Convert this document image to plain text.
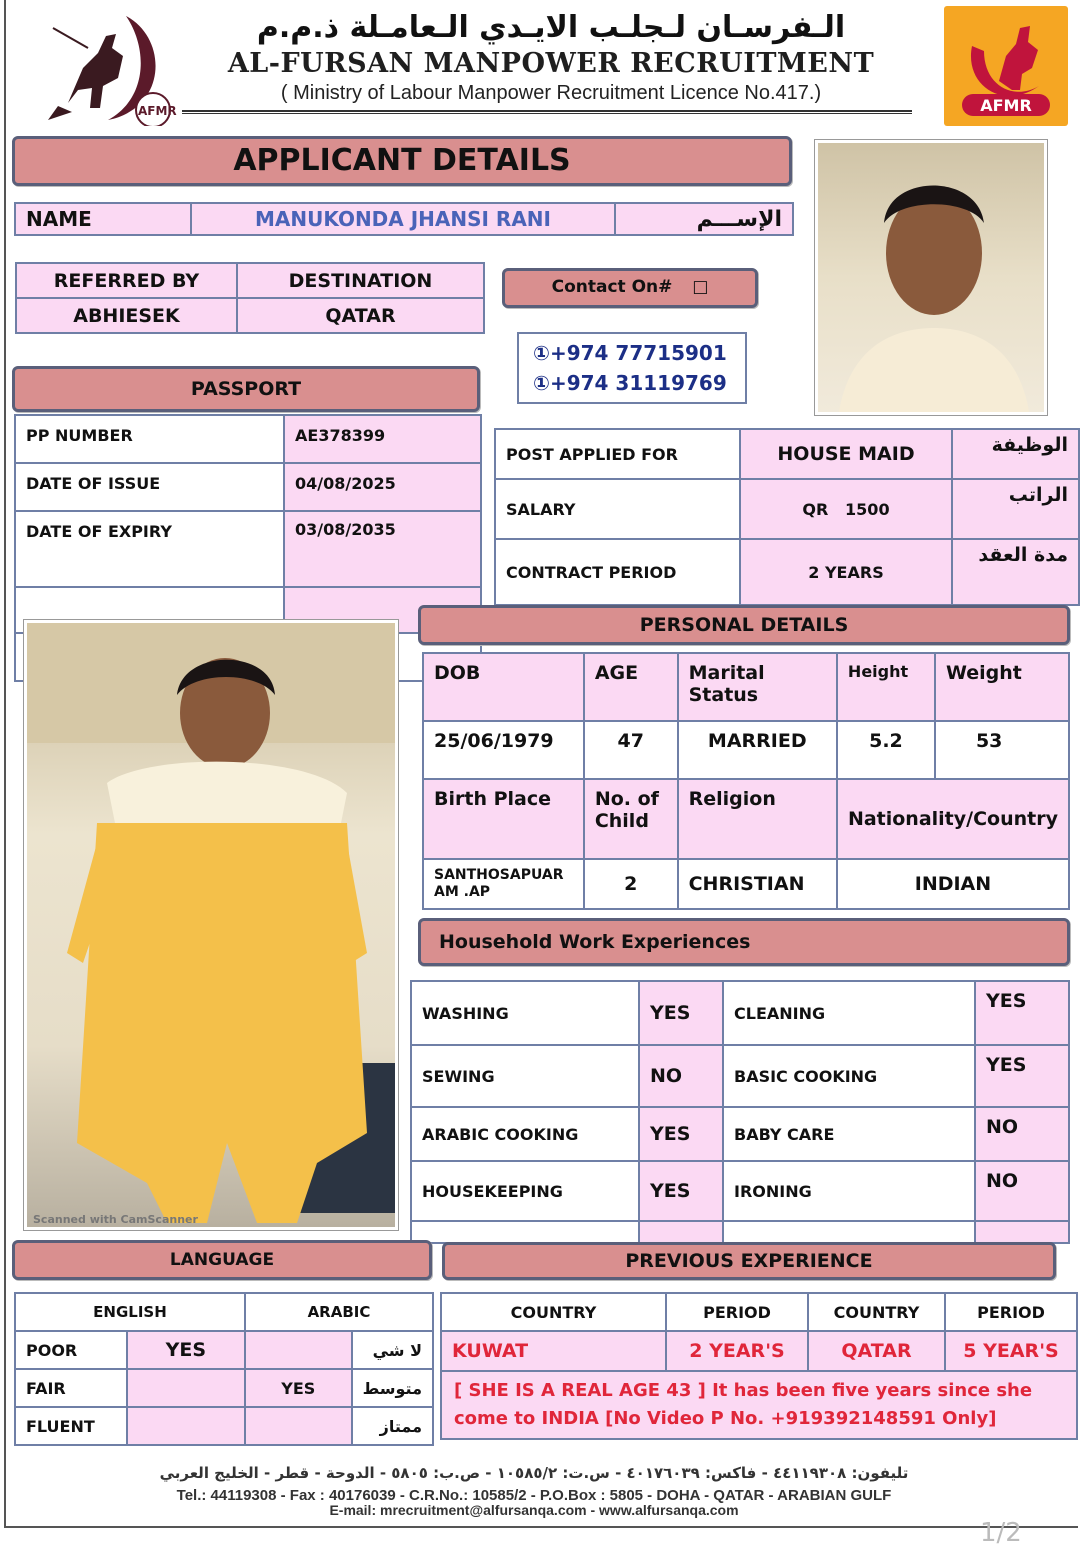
AFMR
الـفرسـان لـجلـب الايـدي الـعامـلة ذ.م.م
AL-FURSAN MANPOWER RECRUITMENT
( Ministry of Labour Manpower Recruitment Licence No.417.)
AFMR
APPLICANT DETAILS
NAME	MANUKONDA JHANSI RANI	الإســـم
REFERRED BY	DESTINATION
ABHIESEK	QATAR
Contact On# □
①+974 77715901
①+974 31119769
PASSPORT
PP NUMBER	AE378399
DATE OF ISSUE	04/08/2025
DATE OF EXPIRY	03/08/2035

POST APPLIED FOR	HOUSE MAID	الوظيفة
SALARY	QR   1500	الراتب
CONTRACT PERIOD	2 YEARS	مدة العقد
Scanned with CamScanner
PERSONAL DETAILS
DOB	AGE	Marital Status	Height	Weight
25/06/1979	47	MARRIED	5.2	53
Birth Place	No. of Child	Religion	Nationality/Country	
SANTHOSAPUAR AM .AP	2	CHRISTIAN	INDIAN	
Household Work Experiences
WASHING	YES	CLEANING	YES
SEWING	NO	BASIC COOKING	YES
ARABIC COOKING	YES	BABY CARE	NO
HOUSEKEEPING	YES	IRONING	NO

LANGUAGE
ENGLISH		ARABIC	
POOR	YES		لا شي
FAIR		YES	متوسط
FLUENT			ممتاز
PREVIOUS EXPERIENCE
COUNTRY	PERIOD	COUNTRY	PERIOD
KUWAT	2 YEAR'S	QATAR	5 YEAR'S
[ SHE IS A REAL AGE 43 ] It has been five years since she come to INDIA [No Video P No. +919392148591 Only]			
تليفون: ٤٤١١٩٣٠٨ - فاكس: ٤٠١٧٦٠٣٩ - س.ت: ١٠٥٨٥/٢ - ص.ب: ٥٨٠٥ - الدوحة - قطر - الخليج العربي
Tel.: 44119308 - Fax : 40176039 - C.R.No.: 10585/2 - P.O.Box : 5805 - DOHA - QATAR - ARABIAN GULF
E-mail: mrecruitment@alfursanqa.com - www.alfursanqa.com
1/2
